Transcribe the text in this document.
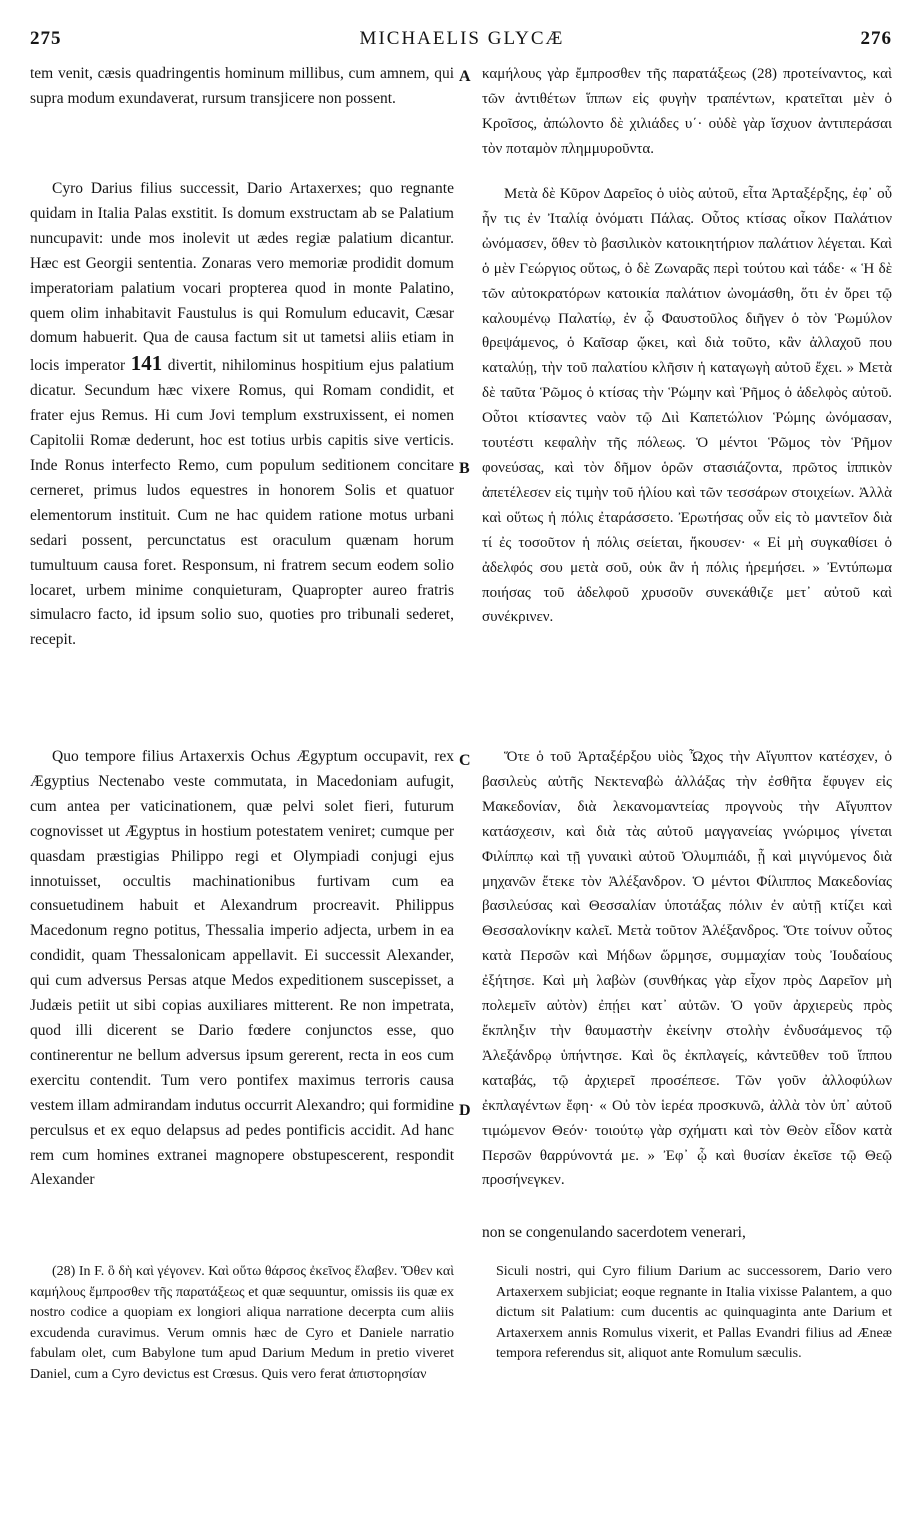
275	MICHAELIS GLYCÆ	276

tem venit, cæsis quadringentis hominum millibus, cum amnem, qui supra modum exundaverat, rursum transjicere non possent.

Cyro Darius filius successit, Dario Artaxerxes; quo regnante quidam in Italia Palas exstitit. Is domum exstructam ab se Palatium nuncupavit: unde mos inolevit ut ædes regiæ palatium dicantur. Hæc est Georgii sententia. Zonaras vero memoriæ prodidit domum imperatoriam palatium vocari propterea quod in monte Palatino, quem olim inhabitavit Faustulus is qui Romulum educavit, Cæsar domum habuerit. Qua de causa factum sit ut tametsi aliis etiam in locis imperator 141 divertit, nihilominus hospitium ejus palatium dicatur. Secundum hæc vixere Romus, qui Romam condidit, et frater ejus Remus. Hi cum Jovi templum exstruxissent, ei nomen Capitolii Romæ dederunt, hoc est totius urbis capitis sive verticis. Inde Ronus interfecto Remo, cum populum seditionem concitare cerneret, primus ludos equestres in honorem Solis et quatuor elementorum instituit. Cum ne hac quidem ratione motus urbani sedari possent, percunctatus est oraculum quænam horum tumultuum causa foret. Responsum, ni fratrem secum eodem solio locaret, urbem minime conquieturam, Quapropter aureo fratris simulacro facto, id ipsum solio suo, quoties pro tribunali sederet, recepit.

Quo tempore filius Artaxerxis Ochus Ægyptum occupavit, rex Ægyptius Nectenabo veste commutata, in Macedoniam aufugit, cum antea per vaticinationem, quæ pelvi solet fieri, futurum cognovisset ut Ægyptus in hostium potestatem veniret; cumque per quasdam præstigias Philippo regi et Olympiadi conjugi ejus innotuisset, occultis machinationibus furtivam cum ea consuetudinem habuit et Alexandrum procreavit. Philippus Macedonum regno potitus, Thessalia imperio adjecta, urbem in ea condidit, quam Thessalonicam appellavit. Ei successit Alexander, qui cum adversus Persas atque Medos expeditionem suscepisset, a Judæis petiit ut sibi copias auxiliares mitterent. Re non impetrata, quod illi dicerent se Dario fœdere conjunctos esse, quo continerentur ne bellum adversus ipsum gererent, recta in eos cum exercitu contendit. Tum vero pontifex maximus terroris causa vestem illam admirandam indutus occurrit Alexandro; qui formidine perculsus et ex equo delapsus ad pedes pontificis accidit. Ad hanc rem cum homines extranei magnopere obstupescerent, respondit Alexander

καμήλους γὰρ ἔμπροσθεν τῆς παρατάξεως (28) προτείναντος, καὶ τῶν ἀντιθέτων ἵππων εἰς φυγὴν τραπέντων, κρατεῖται μὲν ὁ Κροῖσος, ἀπώλοντο δὲ χιλιάδες υ΄· οὐδὲ γὰρ ἴσχυον ἀντιπεράσαι τὸν ποταμὸν πλημμυροῦντα.

Μετὰ δὲ Κῦρον Δαρεῖος ὁ υἱὸς αὐτοῦ, εἶτα Ἀρταξέρξης, ἐφ᾿ οὗ ἦν τις ἐν Ἰταλίᾳ ὀνόματι Πάλας. Οὗτος κτίσας οἶκον Παλάτιον ὠνόμασεν, ὅθεν τὸ βασιλικὸν κατοικητήριον παλάτιον λέγεται. Καὶ ὁ μὲν Γεώργιος οὕτως, ὁ δὲ Ζωναρᾶς περὶ τούτου καὶ τάδε· « Ἡ δὲ τῶν αὐτοκρατόρων κατοικία παλάτιον ὠνομάσθη, ὅτι ἐν ὄρει τῷ καλουμένῳ Παλατίῳ, ἐν ᾧ Φαυστοῦλος διῆγεν ὁ τὸν Ῥωμύλον θρεψάμενος, ὁ Καῖσαρ ᾤκει, καὶ διὰ τοῦτο, κἂν ἀλλαχοῦ που καταλύῃ, τὴν τοῦ παλατίου κλῆσιν ἡ καταγωγὴ αὐτοῦ ἔχει. » Μετὰ δὲ ταῦτα Ῥῶμος ὁ κτίσας τὴν Ῥώμην καὶ Ῥῆμος ὁ ἀδελφὸς αὐτοῦ. Οὗτοι κτίσαντες ναὸν τῷ Διὶ Καπετώλιον Ῥώμης ὠνόμασαν, τουτέστι κεφαλὴν τῆς πόλεως. Ὁ μέντοι Ῥῶμος τὸν Ῥῆμον φονεύσας, καὶ τὸν δῆμον ὁρῶν στασιάζοντα, πρῶτος ἱππικὸν ἀπετέλεσεν εἰς τιμὴν τοῦ ἡλίου καὶ τῶν τεσσάρων στοιχείων. Ἀλλὰ καὶ οὕτως ἡ πόλις ἐταράσσετο. Ἐρωτήσας οὖν εἰς τὸ μαντεῖον διὰ τί ἐς τοσοῦτον ἡ πόλις σείεται, ἤκουσεν· « Εἰ μὴ συγκαθίσει ὁ ἀδελφός σου μετὰ σοῦ, οὐκ ἂν ἡ πόλις ἠρεμήσει. » Ἐντύπωμα ποιήσας τοῦ ἀδελφοῦ χρυσοῦν συνεκάθιζε μετ᾿ αὐτοῦ καὶ συνέκρινεν.

Ὅτε ὁ τοῦ Ἀρταξέρξου υἱὸς Ὦχος τὴν Αἴγυπτον κατέσχεν, ὁ βασιλεὺς αὐτῆς Νεκτεναβὼ ἀλλάξας τὴν ἐσθῆτα ἔφυγεν εἰς Μακεδονίαν, διὰ λεκανομαντείας προγνοὺς τὴν Αἴγυπτον κατάσχεσιν, καὶ διὰ τὰς αὐτοῦ μαγγανείας γνώριμος γίνεται Φιλίππῳ καὶ τῇ γυναικὶ αὐτοῦ Ὀλυμπιάδι, ᾗ καὶ μιγνύμενος διὰ μηχανῶν ἔτεκε τὸν Ἀλέξανδρον. Ὁ μέντοι Φίλιππος Μακεδονίας βασιλεύσας καὶ Θεσσαλίαν ὑποτάξας πόλιν ἐν αὐτῇ κτίζει καὶ Θεσσαλονίκην καλεῖ. Μετὰ τοῦτον Ἀλέξανδρος. Ὅτε τοίνυν οὗτος κατὰ Περσῶν καὶ Μήδων ὥρμησε, συμμαχίαν τοὺς Ἰουδαίους ἐξήτησε. Καὶ μὴ λαβὼν (συνθήκας γὰρ εἶχον πρὸς Δαρεῖον μὴ πολεμεῖν αὐτὸν) ἐπῄει κατ᾿ αὐτῶν. Ὁ γοῦν ἀρχιερεὺς πρὸς ἔκπληξιν τὴν θαυμαστὴν ἐκείνην στολὴν ἐνδυσάμενος τῷ Ἀλεξάνδρῳ ὑπήντησε. Καὶ ὃς ἐκπλαγείς, κἀντεῦθεν τοῦ ἵππου καταβάς, τῷ ἀρχιερεῖ προσέπεσε. Τῶν γοῦν ἀλλοφύλων ἐκπλαγέντων ἔφη· « Οὐ τὸν ἱερέα προσκυνῶ, ἀλλὰ τὸν ὑπ᾿ αὐτοῦ τιμώμενον Θεόν· τοιούτῳ γὰρ σχήματι καὶ τὸν Θεὸν εἶδον κατὰ Περσῶν θαρρύνοντά με. » Ἐφ᾿ ᾧ καὶ θυσίαν ἐκεῖσε τῷ Θεῷ προσήνεγκεν.

non se congenulando sacerdotem venerari,
A
B
C
D

(28) In F. ὃ δὴ καὶ γέγονεν. Καὶ οὕτω θάρσος ἐκεῖνος ἔλαβεν. Ὅθεν καὶ καμήλους ἔμπροσθεν τῆς παρατάξεως et quæ sequuntur, omissis iis quæ ex nostro codice a quopiam ex longiori aliqua narratione decerpta cum aliis excudenda curavimus. Verum omnis hæc de Cyro et Daniele narratio fabulam olet, cum Babylone tum apud Darium Medum in pretio viveret Daniel, cum a Cyro devictus est Crœsus. Quis vero ferat ἀπιστορησίαν

Siculi nostri, qui Cyro filium Darium ac successorem, Dario vero Artaxerxem subjiciat; eoque regnante in Italia vixisse Palantem, a quo dictum sit Palatium: cum ducentis ac quinquaginta ante Darium et Artaxerxem annis Romulus vixerit, et Pallas Evandri filius ad Æneæ tempora referendus sit, aliquot ante Romulum sæculis.
